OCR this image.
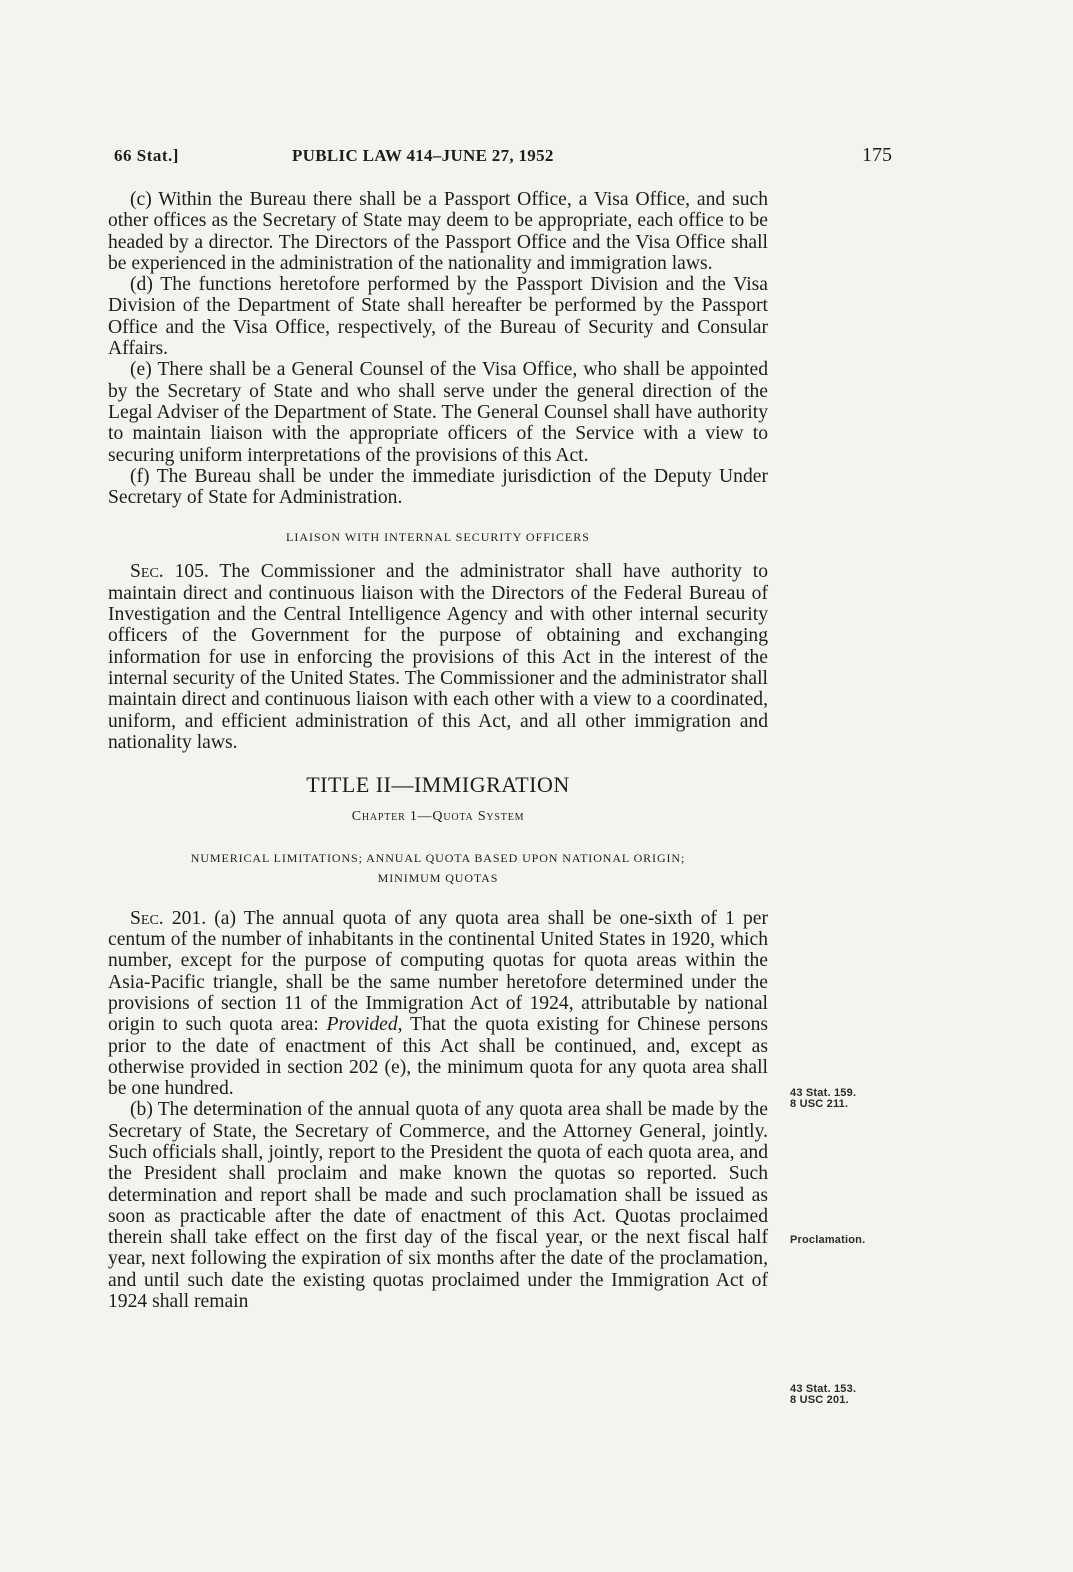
66 Stat.]	PUBLIC LAW 414–JUNE 27, 1952	175

(c) Within the Bureau there shall be a Passport Office, a Visa Office, and such other offices as the Secretary of State may deem to be appropriate, each office to be headed by a director. The Directors of the Passport Office and the Visa Office shall be experienced in the administration of the nationality and immigration laws.

(d) The functions heretofore performed by the Passport Division and the Visa Division of the Department of State shall hereafter be performed by the Passport Office and the Visa Office, respectively, of the Bureau of Security and Consular Affairs.

(e) There shall be a General Counsel of the Visa Office, who shall be appointed by the Secretary of State and who shall serve under the general direction of the Legal Adviser of the Department of State. The General Counsel shall have authority to maintain liaison with the appropriate officers of the Service with a view to securing uniform interpretations of the provisions of this Act.

(f) The Bureau shall be under the immediate jurisdiction of the Deputy Under Secretary of State for Administration.

LIAISON WITH INTERNAL SECURITY OFFICERS

Sec. 105. The Commissioner and the administrator shall have authority to maintain direct and continuous liaison with the Directors of the Federal Bureau of Investigation and the Central Intelligence Agency and with other internal security officers of the Government for the purpose of obtaining and exchanging information for use in enforcing the provisions of this Act in the interest of the internal security of the United States. The Commissioner and the administrator shall maintain direct and continuous liaison with each other with a view to a coordinated, uniform, and efficient administration of this Act, and all other immigration and nationality laws.

TITLE II—IMMIGRATION

Chapter 1—Quota System

NUMERICAL LIMITATIONS; ANNUAL QUOTA BASED UPON NATIONAL ORIGIN;
MINIMUM QUOTAS

Sec. 201. (a) The annual quota of any quota area shall be one-sixth of 1 per centum of the number of inhabitants in the continental United States in 1920, which number, except for the purpose of computing quotas for quota areas within the Asia-Pacific triangle, shall be the same number heretofore determined under the provisions of section 11 of the Immigration Act of 1924, attributable by national origin to such quota area: Provided, That the quota existing for Chinese persons prior to the date of enactment of this Act shall be continued, and, except as otherwise provided in section 202 (e), the minimum quota for any quota area shall be one hundred.

(b) The determination of the annual quota of any quota area shall be made by the Secretary of State, the Secretary of Commerce, and the Attorney General, jointly. Such officials shall, jointly, report to the President the quota of each quota area, and the President shall proclaim and make known the quotas so reported. Such determination and report shall be made and such proclamation shall be issued as soon as practicable after the date of enactment of this Act. Quotas proclaimed therein shall take effect on the first day of the fiscal year, or the next fiscal half year, next following the expiration of six months after the date of the proclamation, and until such date the existing quotas proclaimed under the Immigration Act of 1924 shall remain

43 Stat. 159.
8 USC 211.
Proclamation.
43 Stat. 153.
8 USC 201.
